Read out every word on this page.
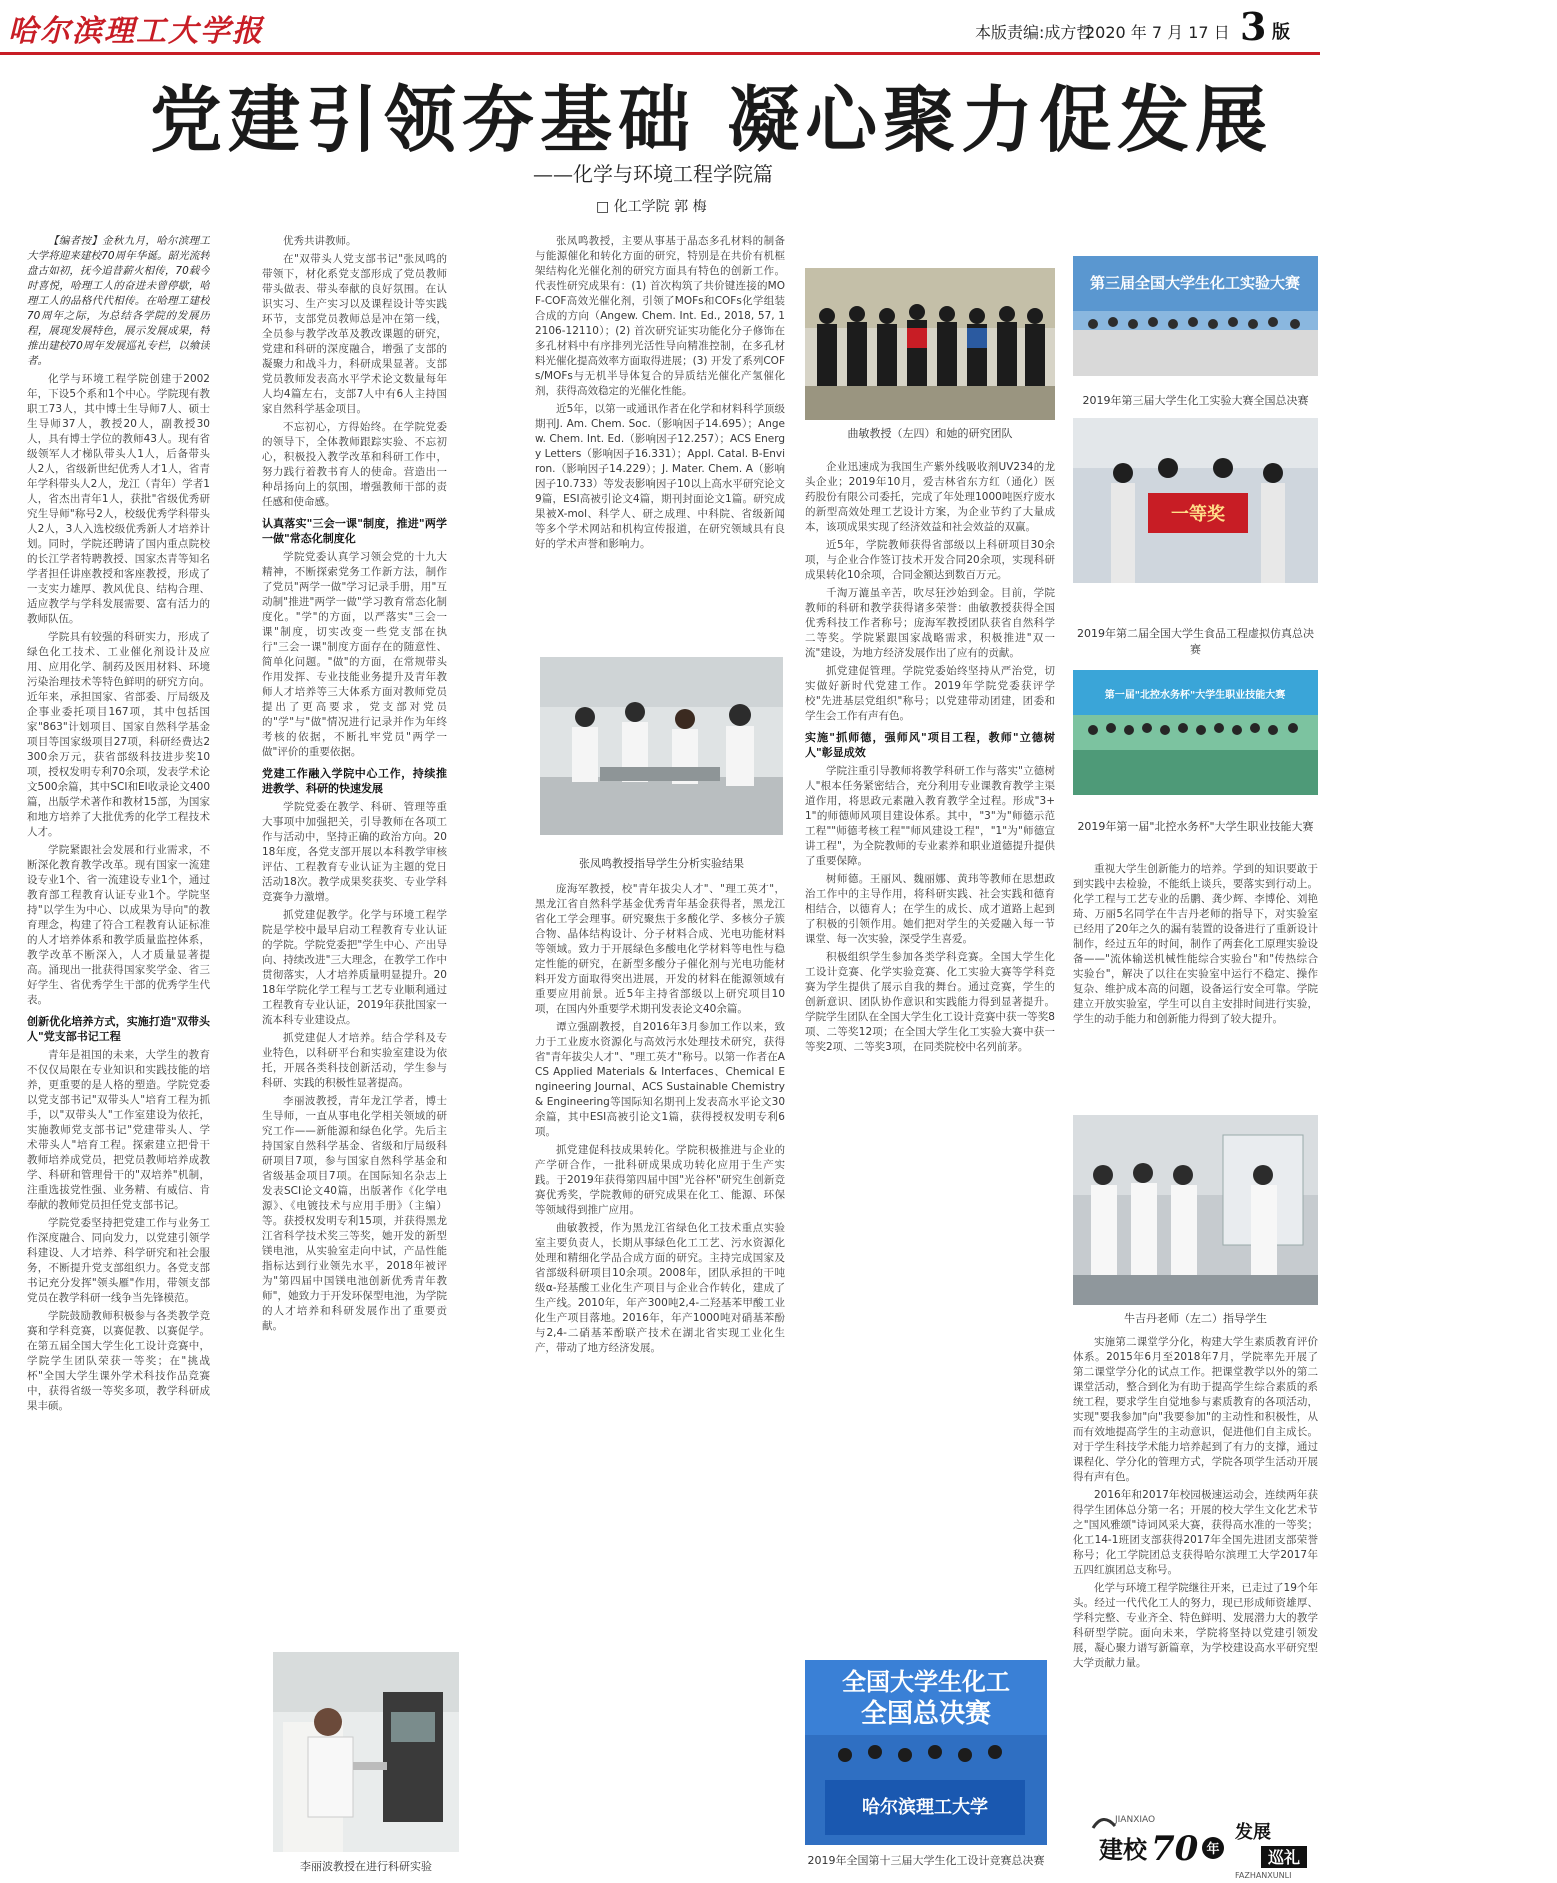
哈尔滨理工大学报	本版责编:成方哲
2020 年 7 月 17 日 3 版
党建引领夯基础 凝心聚力促发展
——化学与环境工程学院篇
□ 化工学院 郭 梅

【编者按】金秋九月，哈尔滨理工大学将迎来建校70周年华诞。韶光流转盘古如初，抚今追昔薪火相传，70载今时喜悦，哈理工人的奋进未曾停歇，哈理工人的品格代代相传。在哈理工建校70周年之际，为总结各学院的发展历程，展现发展特色，展示发展成果，特推出建校70周年发展巡礼专栏，以飨读者。

化学与环境工程学院创建于2002年，下设5个系和1个中心。学院现有教职工73人，其中博士生导师7人、硕士生导师37人，教授20人，副教授30人，具有博士学位的教师43人。现有省级领军人才梯队带头人1人，后备带头人2人，省级新世纪优秀人才1人，省青年学科带头人2人，龙江（青年）学者1人，省杰出青年1人，获批"省级优秀研究生导师"称号2人，校级优秀学科带头人2人，3人入选校级优秀新人才培养计划。同时，学院还聘请了国内重点院校的长江学者特聘教授、国家杰青等知名学者担任讲座教授和客座教授，形成了一支实力雄厚、教风优良、结构合理、适应教学与学科发展需要、富有活力的教师队伍。

学院具有较强的科研实力，形成了绿色化工技术、工业催化剂设计及应用、应用化学、制药及医用材料、环境污染治理技术等特色鲜明的研究方向。近年来，承担国家、省部委、厅局级及企事业委托项目167项，其中包括国家"863"计划项目、国家自然科学基金项目等国家级项目27项，科研经费达2300余万元，获省部级科技进步奖10项，授权发明专利70余项，发表学术论文500余篇，其中SCI和EI收录论文400篇，出版学术著作和教材15部，为国家和地方培养了大批优秀的化学工程技术人才。

学院紧跟社会发展和行业需求，不断深化教育教学改革。现有国家一流建设专业1个、省一流建设专业1个，通过教育部工程教育认证专业1个。学院坚持"以学生为中心、以成果为导向"的教育理念，构建了符合工程教育认证标准的人才培养体系和教学质量监控体系，教学改革不断深入，人才质量显著提高。涌现出一批获得国家奖学金、省三好学生、省优秀学生干部的优秀学生代表。

创新优化培养方式，实施打造"双带头人"党支部书记工程

青年是祖国的未来，大学生的教育不仅仅局限在专业知识和实践技能的培养，更重要的是人格的塑造。学院党委以党支部书记"双带头人"培育工程为抓手，以"双带头人"工作室建设为依托，实施教师党支部书记"党建带头人、学术带头人"培育工程。探索建立把骨干教师培养成党员，把党员教师培养成教学、科研和管理骨干的"双培养"机制，注重选拔党性强、业务精、有威信、肯奉献的教师党员担任党支部书记。

学院党委坚持把党建工作与业务工作深度融合、同向发力，以党建引领学科建设、人才培养、科学研究和社会服务，不断提升党支部组织力。各党支部书记充分发挥"领头雁"作用，带领支部党员在教学科研一线争当先锋模范。

学院鼓励教师积极参与各类教学竞赛和学科竞赛，以赛促教、以赛促学。在第五届全国大学生化工设计竞赛中，学院学生团队荣获一等奖；在"挑战杯"全国大学生课外学术科技作品竞赛中，获得省级一等奖多项，教学科研成果丰硕。

优秀共讲教师。

在"双带头人党支部书记"张凤鸣的带领下，材化系党支部形成了党员教师带头做表、带头奉献的良好氛围。在认识实习、生产实习以及课程设计等实践环节，支部党员教师总是冲在第一线，全员参与教学改革及教改课题的研究，党建和科研的深度融合，增强了支部的凝聚力和战斗力，科研成果显著。支部党员教师发表高水平学术论文数量每年人均4篇左右，支部7人中有6人主持国家自然科学基金项目。

不忘初心，方得始终。在学院党委的领导下，全体教师跟踪实验、不忘初心，积极投入教学改革和科研工作中，努力践行着教书育人的使命。营造出一种昂扬向上的氛围，增强教师干部的责任感和使命感。

认真落实"三会一课"制度，推进"两学一做"常态化制度化

学院党委认真学习领会党的十九大精神，不断探索党务工作新方法，制作了党员"两学一做"学习记录手册，用"互动制"推进"两学一做"学习教育常态化制度化。"学"的方面，以严落实"三会一课"制度，切实改变一些党支部在执行"三会一课"制度方面存在的随意性、简单化问题。"做"的方面，在常规带头作用发挥、专业技能业务提升及青年教师人才培养等三大体系方面对教师党员提出了更高要求，党支部对党员的"学"与"做"情况进行记录并作为年终考核的依据，不断扎牢党员"两学一做"评价的重要依据。

党建工作融入学院中心工作，持续推进教学、科研的快速发展

学院党委在教学、科研、管理等重大事项中加强把关，引导教师在各项工作与活动中，坚持正确的政治方向。2018年度，各党支部开展以本科教学审核评估、工程教育专业认证为主题的党日活动18次。教学成果奖获奖、专业学科竞赛争力激增。

抓党建促教学。化学与环境工程学院是学校中最早启动工程教育专业认证的学院。学院党委把"学生中心、产出导向、持续改进"三大理念，在教学工作中贯彻落实，人才培养质量明显提升。2018年学院化学工程与工艺专业顺利通过工程教育专业认证，2019年获批国家一流本科专业建设点。

抓党建促人才培养。结合学科及专业特色，以科研平台和实验室建设为依托，开展各类科技创新活动，学生参与科研、实践的积极性显著提高。

李丽波教授，青年龙江学者，博士生导师，一直从事电化学相关领域的研究工作——新能源和绿色化学。先后主持国家自然科学基金、省级和厅局级科研项目7项，参与国家自然科学基金和省级基金项目7项。在国际知名杂志上发表SCI论文40篇，出版著作《化学电源》、《电镀技术与应用手册》（主编）等。获授权发明专利15项，并获得黑龙江省科学技术奖三等奖，她开发的新型镁电池，从实验室走向中试，产品性能指标达到行业领先水平，2018年被评为"第四届中国镁电池创新优秀青年教师"，她致力于开发环保型电池，为学院的人才培养和科研发展作出了重要贡献。

李丽波教授在进行科研实验

张凤鸣教授，主要从事基于晶态多孔材料的制备与能源催化和转化方面的研究，特别是在共价有机框架结构化光催化剂的研究方面具有特色的创新工作。代表性研究成果有：(1) 首次构筑了共价键连接的MOF-COF高效光催化剂，引领了MOFs和COFs化学组装合成的方向（Angew. Chem. Int. Ed., 2018, 57, 12106-12110）；(2) 首次研究证实功能化分子修饰在多孔材料中有序排列光活性导向精准控制，在多孔材料光催化提高效率方面取得进展；(3) 开发了系列COFs/MOFs与无机半导体复合的异质结光催化产氢催化剂，获得高效稳定的光催化性能。

近5年，以第一或通讯作者在化学和材料科学顶级期刊J. Am. Chem. Soc.（影响因子14.695）；Angew. Chem. Int. Ed.（影响因子12.257）；ACS Energy Letters（影响因子16.331）；Appl. Catal. B-Environ.（影响因子14.229）；J. Mater. Chem. A（影响因子10.733）等发表影响因子10以上高水平研究论文9篇，ESI高被引论文4篇，期刊封面论文1篇。研究成果被X-mol、科学人、研之成理、中科院、省级新闻等多个学术网站和机构宣传报道，在研究领域具有良好的学术声誉和影响力。

张凤鸣教授指导学生分析实验结果

庞海军教授，校"青年拔尖人才"、"理工英才"，黑龙江省自然科学基金优秀青年基金获得者，黑龙江省化工学会理事。研究聚焦于多酸化学、多核分子簇合物、晶体结构设计、分子材料合成、光电功能材料等领域。致力于开展绿色多酸电化学材料等电性与稳定性能的研究，在新型多酸分子催化剂与光电功能材料开发方面取得突出进展，开发的材料在能源领域有重要应用前景。近5年主持省部级以上研究项目10项，在国内外重要学术期刊发表论文40余篇。

谭立强副教授，自2016年3月参加工作以来，致力于工业废水资源化与高效污水处理技术研究，获得省"青年拔尖人才"、"理工英才"称号。以第一作者在ACS Applied Materials & Interfaces、Chemical Engineering Journal、ACS Sustainable Chemistry & Engineering等国际知名期刊上发表高水平论文30余篇，其中ESI高被引论文1篇，获得授权发明专利6项。

抓党建促科技成果转化。学院积极推进与企业的产学研合作，一批科研成果成功转化应用于生产实践。于2019年获得第四届中国"光谷杯"研究生创新竞赛优秀奖，学院教师的研究成果在化工、能源、环保等领域得到推广应用。

曲敏教授，作为黑龙江省绿色化工技术重点实验室主要负责人，长期从事绿色化工工艺、污水资源化处理和精细化学品合成方面的研究。主持完成国家及省部级科研项目10余项。2008年，团队承担的干吨级α-羟基酸工业化生产项目与企业合作转化，建成了生产线。2010年，年产300吨2,4-二羟基苯甲酸工业化生产项目落地。2016年，年产1000吨对硝基苯酚与2,4-二硝基苯酚联产技术在湖北省实现工业化生产，带动了地方经济发展。

曲敏教授（左四）和她的研究团队

企业迅速成为我国生产紫外线吸收剂UV234的龙头企业；2019年10月，爱吉林省东方红（通化）医药股份有限公司委托，完成了年处理1000吨医疗废水的新型高效处理工艺设计方案，为企业节约了大量成本，该项成果实现了经济效益和社会效益的双赢。

近5年，学院教师获得省部级以上科研项目30余项，与企业合作签订技术开发合同20余项，实现科研成果转化10余项，合同金额达到数百万元。

千淘万漉虽辛苦，吹尽狂沙始到金。目前，学院教师的科研和教学获得诸多荣誉：曲敏教授获得全国优秀科技工作者称号；庞海军教授团队获省自然科学二等奖。学院紧跟国家战略需求，积极推进"双一流"建设，为地方经济发展作出了应有的贡献。

抓党建促管理。学院党委始终坚持从严治党，切实做好新时代党建工作。2019年学院党委获评学校"先进基层党组织"称号；以党建带动团建，团委和学生会工作有声有色。

实施"抓师德，强师风"项目工程，教师"立德树人"彰显成效

学院注重引导教师将教学科研工作与落实"立德树人"根本任务紧密结合，充分利用专业课教育教学主渠道作用，将思政元素融入教育教学全过程。形成"3+1"的师德师风项目建设体系。其中，"3"为"师德示范工程""师德考核工程""师风建设工程"，"1"为"师德宣讲工程"，为全院教师的专业素养和职业道德提升提供了重要保障。

树师德。王丽风、魏丽娜、黄玮等教师在思想政治工作中的主导作用，将科研实践、社会实践和德育相结合，以德育人；在学生的成长、成才道路上起到了积极的引领作用。她们把对学生的关爱融入每一节课堂、每一次实验，深受学生喜爱。

积极组织学生参加各类学科竞赛。全国大学生化工设计竞赛、化学实验竞赛、化工实验大赛等学科竞赛为学生提供了展示自我的舞台。通过竞赛，学生的创新意识、团队协作意识和实践能力得到显著提升。学院学生团队在全国大学生化工设计竞赛中获一等奖8项、二等奖12项；在全国大学生化工实验大赛中获一等奖2项、二等奖3项，在同类院校中名列前茅。

全国大学生化工
全国总决赛
哈尔滨理工大学
2019年全国第十三届大学生化工设计竞赛总决赛
第三届全国大学生化工实验大赛
2019年第三届大学生化工实验大赛全国总决赛
一等奖
2019年第二届全国大学生食品工程虚拟仿真总决赛
第一届"北控水务杯"大学生职业技能大赛
2019年第一届"北控水务杯"大学生职业技能大赛

重视大学生创新能力的培养。学到的知识要敢于到实践中去检验，不能纸上谈兵，要落实到行动上。化学工程与工艺专业的岳鹏、龚少辉、李博伦、刘艳琦、万丽5名同学在牛吉丹老师的指导下，对实验室已经用了20年之久的漏有装置的设备进行了重新设计制作，经过五年的时间，制作了两套化工原理实验设备——"流体输送机械性能综合实验台"和"传热综合实验台"，解决了以往在实验室中运行不稳定、操作复杂、维护成本高的问题，设备运行安全可靠。学院建立开放实验室，学生可以自主安排时间进行实验，学生的动手能力和创新能力得到了较大提升。

牛吉丹老师（左二）指导学生

实施第二课堂学分化，构建大学生素质教育评价体系。2015年6月至2018年7月，学院率先开展了第二课堂学分化的试点工作。把课堂教学以外的第二课堂活动，整合到化为有助于提高学生综合素质的系统工程，要求学生自觉地参与素质教育的各项活动，实现"要我参加"向"我要参加"的主动性和积极性，从而有效地提高学生的主动意识，促进他们自主成长。对于学生科技学术能力培养起到了有力的支撑，通过课程化、学分化的管理方式，学院各项学生活动开展得有声有色。

2016年和2017年校园极速运动会，连续两年获得学生团体总分第一名；开展的校大学生文化艺术节之"国风雅颂"诗词风采大赛，获得高水准的一等奖；化工14-1班团支部获得2017年全国先进团支部荣誉称号；化工学院团总支获得哈尔滨理工大学2017年五四红旗团总支称号。

化学与环境工程学院继往开来，已走过了19个年头。经过一代代化工人的努力，现已形成师资雄厚、学科完整、专业齐全、特色鲜明、发展潜力大的教学科研型学院。面向未来，学院将坚持以党建引领发展，凝心聚力谱写新篇章，为学校建设高水平研究型大学贡献力量。

JIANXIAO
建校 70 年
发展
巡礼
FAZHANXUNLI
